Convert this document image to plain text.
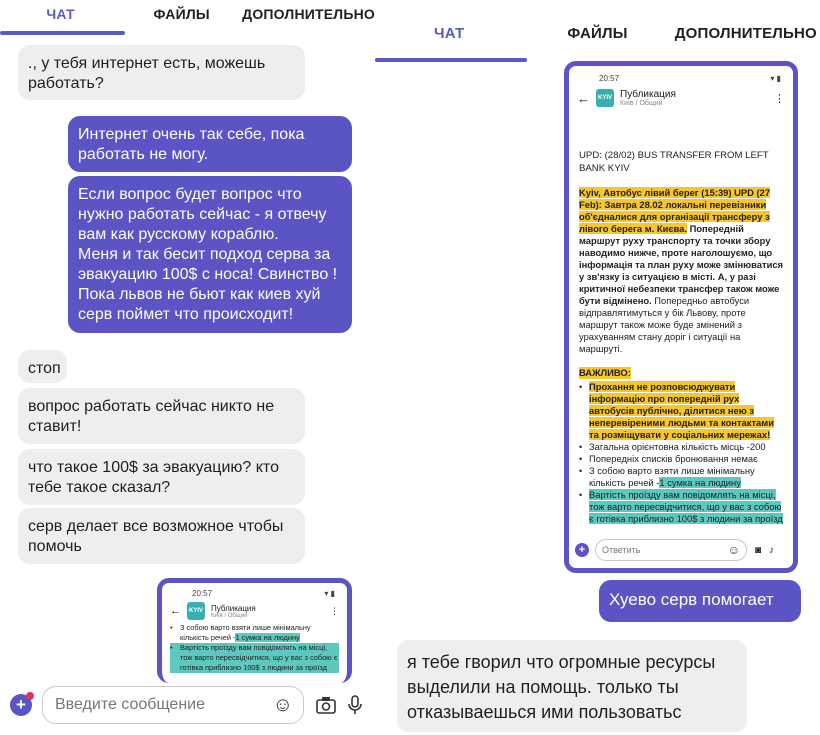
ЧАТ	ФАЙЛЫ	ДОПОЛНИТЕЛЬНО
., у тебя интернет есть, можешь работать?
Интернет очень так себе, пока работать не могу.
Если вопрос будет вопрос что нужно работать сейчас - я отвечу вам как русскому кораблю.
Меня и так бесит подход серва за эвакуацию 100$ с носа! Свинство !
Пока львов не бьют как киев хуй серв поймет что происходит!
стоп
вопрос работать сейчас никто не ставит!
что такое 100$ за эвакуацию? кто тебе такое сказал?
серв делает все возможное чтобы помочь
20:57	▾ ▮
←	KYIV Публикация
Київ / Общий	⋮
• З собою варто взяти лише мінімальну кількість речей -1 сумка на людину
• Вартість проїзду вам повідомлять на місці, тож варто пересвідчитися, що у вас з собою є готівка приблизно 100$ з людини за проїзд
+	Введите сообщение	☺
ЧАТ	ФАЙЛЫ	ДОПОЛНИТЕЛЬНО
20:57	▾ ▮
←	KYIV Публикация
Київ / Общий	⋮
UPD: (28/02) BUS TRANSFER FROM LEFT BANK KYIV
Kyiv, Автобус лівий берег (15:39) UPD (27 Feb): Завтра 28.02 локальні перевізники об'єдналися для організації трансферу з лівого берега м. Києва. Попередній маршрут руху транспорту та точки збору наводимо нижче, проте наголошуємо, що інформація та план руху може змінюватися у зв'язку із ситуацією в місті. А, у разі критичної небезпеки трансфер також може бути відмінено. Попередньо автобуси відправлятимуться у бік Львову, проте маршрут також може буде змінений з урахуванням стану доріг і ситуації на маршруті.
ВАЖЛИВО:
• Прохання не розповсюджувати інформацію про попередній рух автобусів публічно, ділитися нею з неперевіреними людьми та контактами та розміщувати у соціальних мережах!
• Загальна орієнтовна кількість місць -200
• Попередніх списків бронювання немає
• З собою варто взяти лише мінімальну кількість речей -1 сумка на людину
• Вартість проїзду вам повідомлять на місці, тож варто пересвідчитися, що у вас з собою є готівка приблизно 100$ з людини за проїзд
+	Ответить	☺ ◙ ♪
Хуево серв помогает
я тебе гворил что огромные ресурсы выделили на помощь. только ты отказываешься ими пользоватьс
